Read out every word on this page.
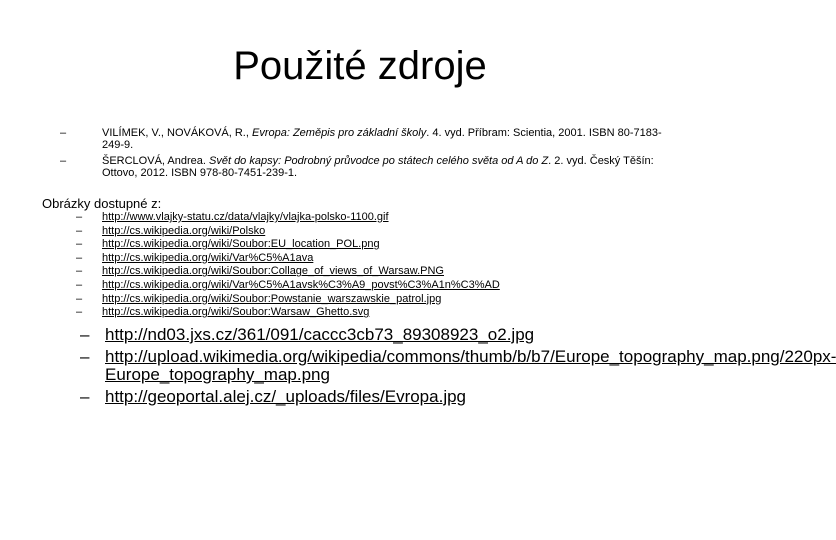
Použité zdroje
–	VILÍMEK, V., NOVÁKOVÁ, R., Evropa: Zeměpis pro základní školy. 4. vyd. Příbram: Scientia, 2001. ISBN 80-7183-249-9.
–	ŠERCLOVÁ, Andrea. Svět do kapsy: Podrobný průvodce po státech celého světa od A do Z. 2. vyd. Český Těšín: Ottovo, 2012. ISBN 978-80-7451-239-1.
Obrázky dostupné z:
– http://www.vlajky-statu.cz/data/vlajky/vlajka-polsko-1100.gif
– http://cs.wikipedia.org/wiki/Polsko
– http://cs.wikipedia.org/wiki/Soubor:EU_location_POL.png
– http://cs.wikipedia.org/wiki/Var%C5%A1ava
– http://cs.wikipedia.org/wiki/Soubor:Collage_of_views_of_Warsaw.PNG
– http://cs.wikipedia.org/wiki/Var%C5%A1avsk%C3%A9_povst%C3%A1n%C3%AD
– http://cs.wikipedia.org/wiki/Soubor:Powstanie_warszawskie_patrol.jpg
– http://cs.wikipedia.org/wiki/Soubor:Warsaw_Ghetto.svg
– http://nd03.jxs.cz/361/091/caccc3cb73_89308923_o2.jpg
– http://upload.wikimedia.org/wikipedia/commons/thumb/b/b7/Europe_topography_map.png/220px-Europe_topography_map.png
– http://geoportal.alej.cz/_uploads/files/Evropa.jpg
